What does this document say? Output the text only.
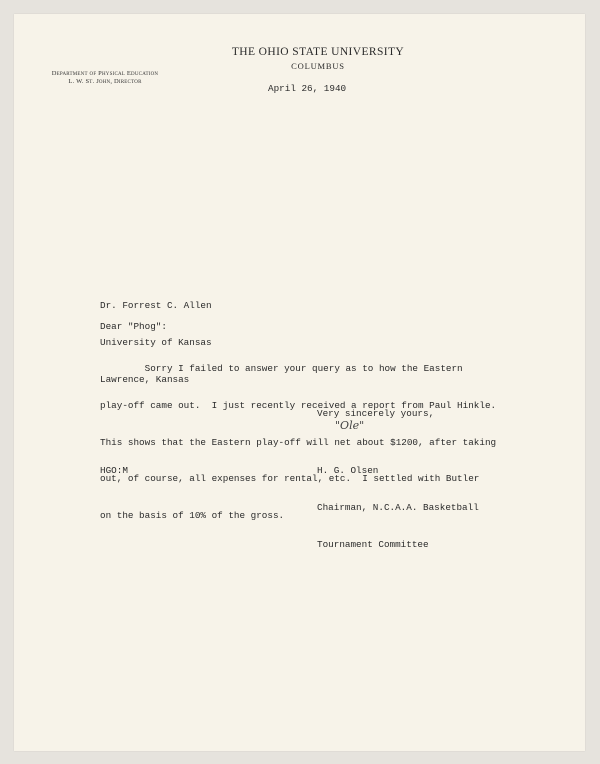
THE OHIO STATE UNIVERSITY
COLUMBUS
Department of Physical Education
L. W. St. John, Director
April 26, 1940

Dr. Forrest C. Allen

University of Kansas

Lawrence, Kansas

Dear "Phog":

Sorry I failed to answer your query as to how the Eastern

play-off came out.  I just recently received a report from Paul Hinkle.

This shows that the Eastern play-off will net about $1200, after taking

out, of course, all expenses for rental, etc.  I settled with Butler

on the basis of 10% of the gross.

Very sincerely yours,
"Ole"

H. G. Olsen

Chairman, N.C.A.A. Basketball

Tournament Committee

HGO:M
